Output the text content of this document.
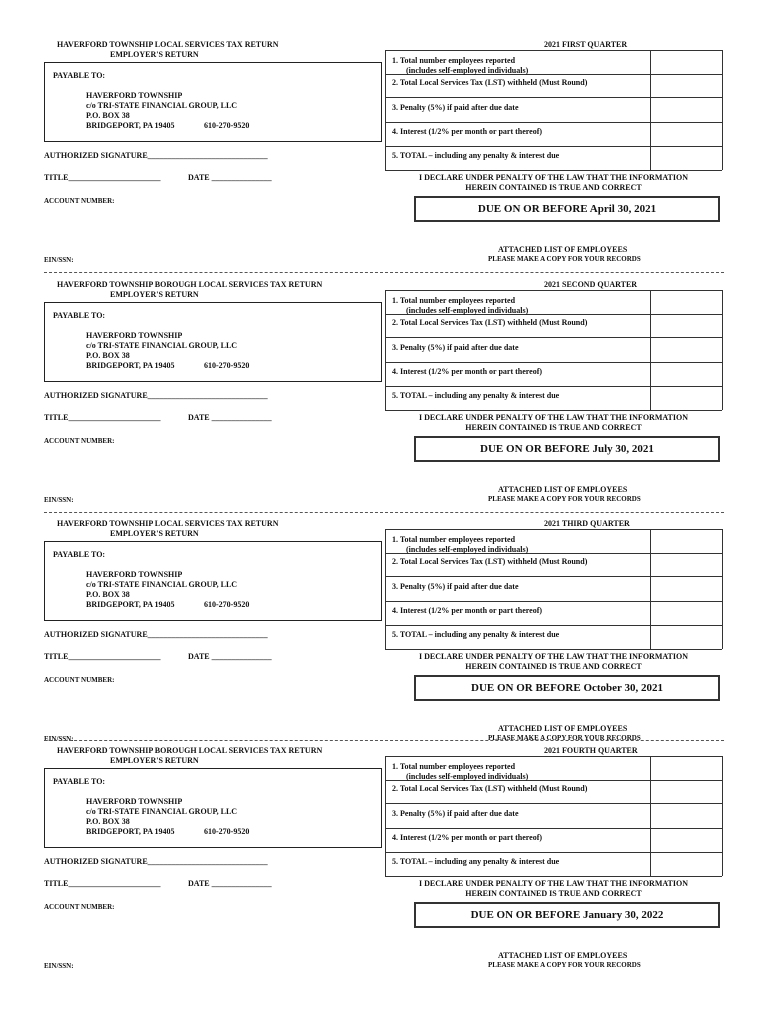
HAVERFORD TOWNSHIP LOCAL SERVICES TAX RETURN	2021 FIRST QUARTER
EMPLOYER'S RETURN
PAYABLE TO:
HAVERFORD TOWNSHIP
c/o TRI-STATE FINANCIAL GROUP, LLC
P.O. BOX 38
BRIDGEPORT, PA 19405	610-270-9520
AUTHORIZED SIGNATURE______________________________
TITLE_______________________	DATE _______________
ACCOUNT NUMBER:
1. Total number employees reported
(includes self-employed individuals)
2. Total Local Services Tax (LST) withheld (Must Round)
3. Penalty (5%) if paid after due date
4. Interest (1/2% per month or part thereof)
5. TOTAL – including any penalty & interest due
I DECLARE UNDER PENALTY OF THE LAW THAT THE INFORMATION
HEREIN CONTAINED IS TRUE AND CORRECT
DUE ON OR BEFORE April 30, 2021
ATTACHED LIST OF EMPLOYEES
PLEASE MAKE A COPY FOR YOUR RECORDS
EIN/SSN:
HAVERFORD TOWNSHIP BOROUGH LOCAL SERVICES TAX RETURN	2021 SECOND QUARTER
EMPLOYER'S RETURN
PAYABLE TO:
HAVERFORD TOWNSHIP
c/o TRI-STATE FINANCIAL GROUP, LLC
P.O. BOX 38
BRIDGEPORT, PA 19405	610-270-9520
AUTHORIZED SIGNATURE______________________________
TITLE_______________________	DATE _______________
ACCOUNT NUMBER:
1. Total number employees reported
(includes self-employed individuals)
2. Total Local Services Tax (LST) withheld (Must Round)
3. Penalty (5%) if paid after due date
4. Interest (1/2% per month or part thereof)
5. TOTAL – including any penalty & interest due
I DECLARE UNDER PENALTY OF THE LAW THAT THE INFORMATION
HEREIN CONTAINED IS TRUE AND CORRECT
DUE ON OR BEFORE July 30, 2021
ATTACHED LIST OF EMPLOYEES
PLEASE MAKE A COPY FOR YOUR RECORDS
EIN/SSN:
HAVERFORD TOWNSHIP LOCAL SERVICES TAX RETURN	2021 THIRD QUARTER
EMPLOYER'S RETURN
PAYABLE TO:
HAVERFORD TOWNSHIP
c/o TRI-STATE FINANCIAL GROUP, LLC
P.O. BOX 38
BRIDGEPORT, PA 19405	610-270-9520
AUTHORIZED SIGNATURE______________________________
TITLE_______________________	DATE _______________
ACCOUNT NUMBER:
1. Total number employees reported
(includes self-employed individuals)
2. Total Local Services Tax (LST) withheld (Must Round)
3. Penalty (5%) if paid after due date
4. Interest (1/2% per month or part thereof)
5. TOTAL – including any penalty & interest due
I DECLARE UNDER PENALTY OF THE LAW THAT THE INFORMATION
HEREIN CONTAINED IS TRUE AND CORRECT
DUE ON OR BEFORE October 30, 2021
ATTACHED LIST OF EMPLOYEES
PLEASE MAKE A COPY FOR YOUR RECORDS
EIN/SSN:
HAVERFORD TOWNSHIP BOROUGH LOCAL SERVICES TAX RETURN	2021 FOURTH QUARTER
EMPLOYER'S RETURN
PAYABLE TO:
HAVERFORD TOWNSHIP
c/o TRI-STATE FINANCIAL GROUP, LLC
P.O. BOX 38
BRIDGEPORT, PA 19405	610-270-9520
AUTHORIZED SIGNATURE______________________________
TITLE_______________________	DATE _______________
ACCOUNT NUMBER:
1. Total number employees reported
(includes self-employed individuals)
2. Total Local Services Tax (LST) withheld (Must Round)
3. Penalty (5%) if paid after due date
4. Interest (1/2% per month or part thereof)
5. TOTAL – including any penalty & interest due
I DECLARE UNDER PENALTY OF THE LAW THAT THE INFORMATION
HEREIN CONTAINED IS TRUE AND CORRECT
DUE ON OR BEFORE January 30, 2022
ATTACHED LIST OF EMPLOYEES
PLEASE MAKE A COPY FOR YOUR RECORDS
EIN/SSN:
